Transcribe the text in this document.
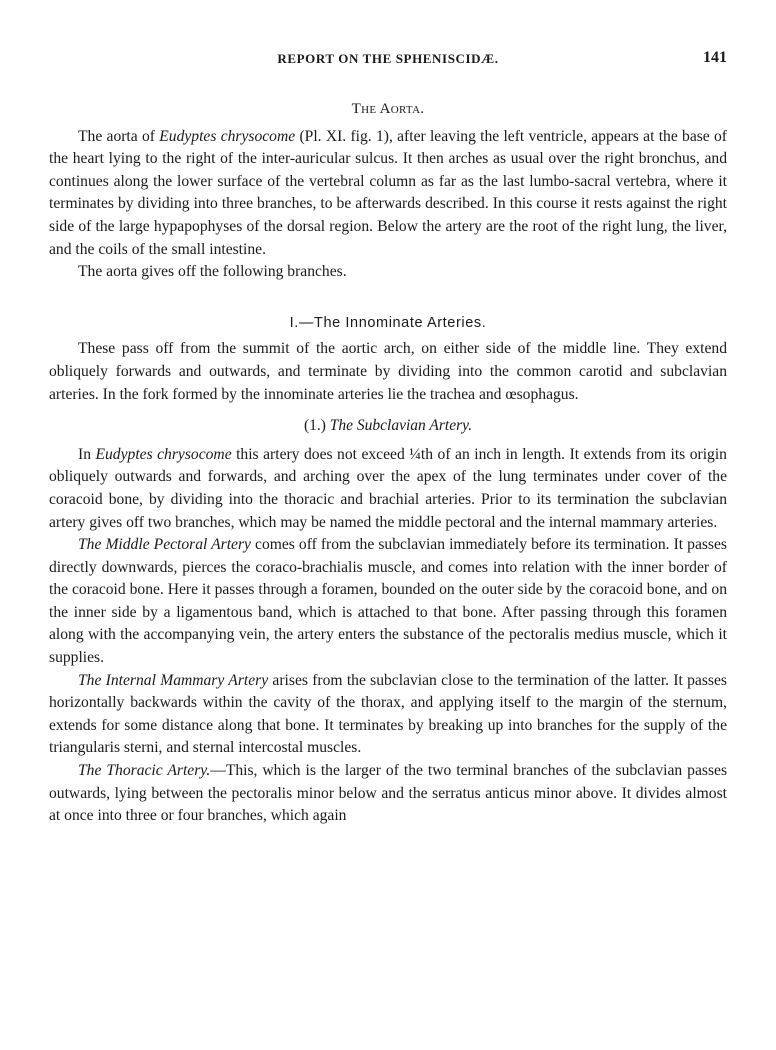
REPORT ON THE SPHENISCIDÆ.	141
The Aorta.

The aorta of Eudyptes chrysocome (Pl. XI. fig. 1), after leaving the left ventricle, appears at the base of the heart lying to the right of the inter-auricular sulcus. It then arches as usual over the right bronchus, and continues along the lower surface of the vertebral column as far as the last lumbo-sacral vertebra, where it terminates by dividing into three branches, to be afterwards described. In this course it rests against the right side of the large hypapophyses of the dorsal region. Below the artery are the root of the right lung, the liver, and the coils of the small intestine.

The aorta gives off the following branches.

I.—The Innominate Arteries.

These pass off from the summit of the aortic arch, on either side of the middle line. They extend obliquely forwards and outwards, and terminate by dividing into the common carotid and subclavian arteries. In the fork formed by the innominate arteries lie the trachea and œsophagus.

(1.) The Subclavian Artery.

In Eudyptes chrysocome this artery does not exceed ¼th of an inch in length. It extends from its origin obliquely outwards and forwards, and arching over the apex of the lung terminates under cover of the coracoid bone, by dividing into the thoracic and brachial arteries. Prior to its termination the subclavian artery gives off two branches, which may be named the middle pectoral and the internal mammary arteries.

The Middle Pectoral Artery comes off from the subclavian immediately before its termination. It passes directly downwards, pierces the coraco-brachialis muscle, and comes into relation with the inner border of the coracoid bone. Here it passes through a foramen, bounded on the outer side by the coracoid bone, and on the inner side by a ligamentous band, which is attached to that bone. After passing through this foramen along with the accompanying vein, the artery enters the substance of the pectoralis medius muscle, which it supplies.

The Internal Mammary Artery arises from the subclavian close to the termination of the latter. It passes horizontally backwards within the cavity of the thorax, and applying itself to the margin of the sternum, extends for some distance along that bone. It terminates by breaking up into branches for the supply of the triangularis sterni, and sternal intercostal muscles.

The Thoracic Artery.—This, which is the larger of the two terminal branches of the subclavian passes outwards, lying between the pectoralis minor below and the serratus anticus minor above. It divides almost at once into three or four branches, which again
